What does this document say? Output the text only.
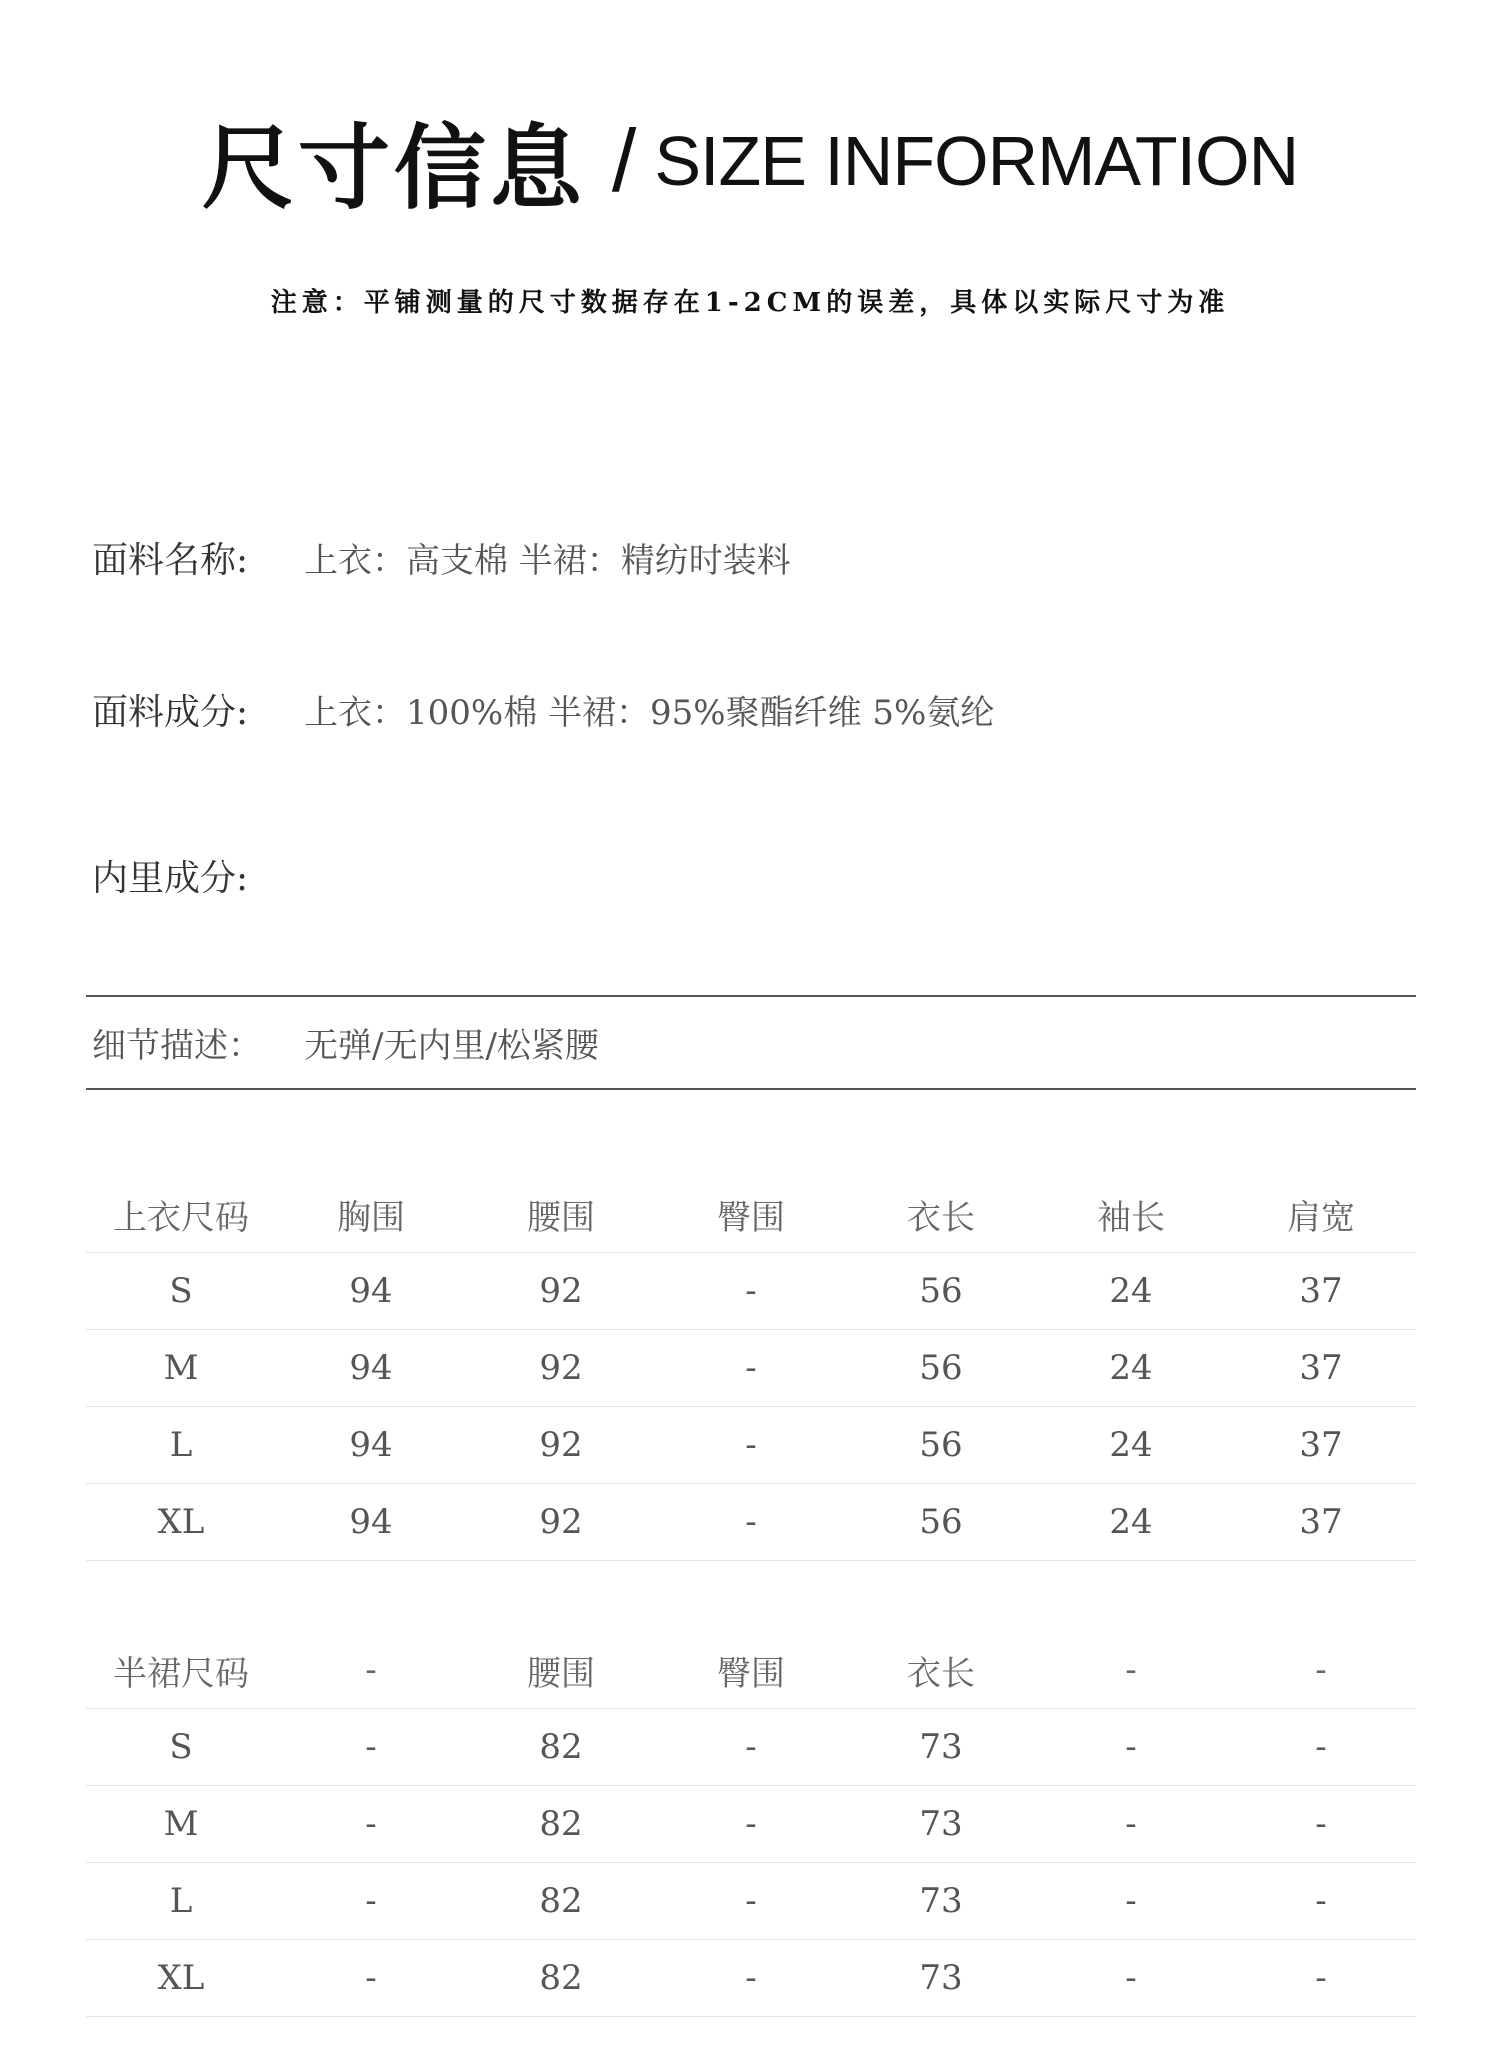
尺寸信息 / SIZE INFORMATION
注意：平铺测量的尺寸数据存在1-2CM的误差，具体以实际尺寸为准
面料名称: 上衣：高支棉 半裙：精纺时装料
面料成分: 上衣：100%棉 半裙：95%聚酯纤维 5%氨纶
内里成分:
细节描述： 无弹/无内里/松紧腰
上衣尺码	胸围	腰围	臀围	衣长	袖长	肩宽
S	94	92	-	56	24	37
M	94	92	-	56	24	37
L	94	92	-	56	24	37
XL	94	92	-	56	24	37
半裙尺码	-	腰围	臀围	衣长	-	-
S	-	82	-	73	-	-
M	-	82	-	73	-	-
L	-	82	-	73	-	-
XL	-	82	-	73	-	-
